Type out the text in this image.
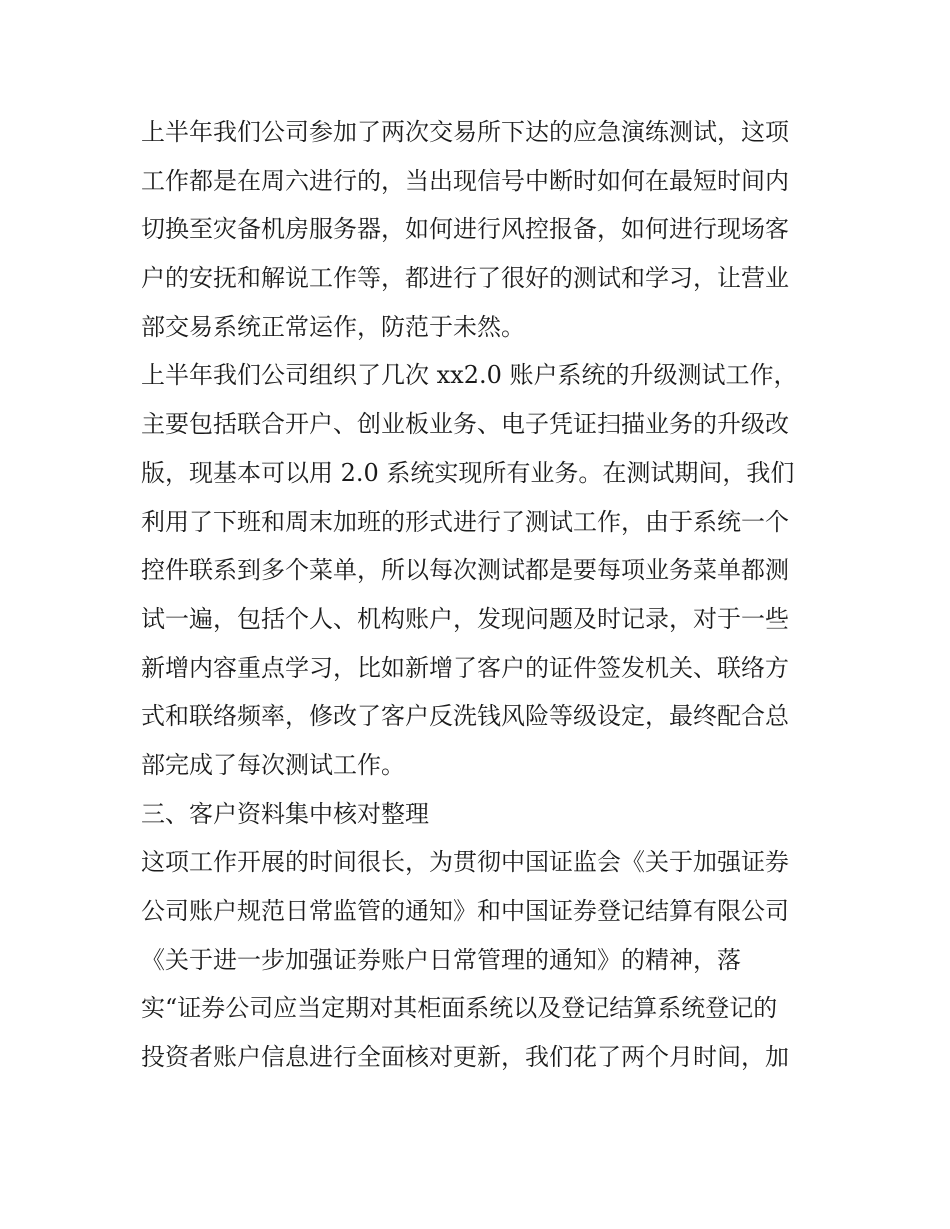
上半年我们公司参加了两次交易所下达的应急演练测试，这项
工作都是在周六进行的，当出现信号中断时如何在最短时间内
切换至灾备机房服务器，如何进行风控报备，如何进行现场客
户的安抚和解说工作等，都进行了很好的测试和学习，让营业
部交易系统正常运作，防范于未然。
上半年我们公司组织了几次 xx2.0 账户系统的升级测试工作，
主要包括联合开户、创业板业务、电子凭证扫描业务的升级改
版，现基本可以用 2.0 系统实现所有业务。在测试期间，我们
利用了下班和周末加班的形式进行了测试工作，由于系统一个
控件联系到多个菜单，所以每次测试都是要每项业务菜单都测
试一遍，包括个人、机构账户，发现问题及时记录，对于一些
新增内容重点学习，比如新增了客户的证件签发机关、联络方
式和联络频率，修改了客户反洗钱风险等级设定，最终配合总
部完成了每次测试工作。
三、客户资料集中核对整理
这项工作开展的时间很长，为贯彻中国证监会《关于加强证券
公司账户规范日常监管的通知》和中国证券登记结算有限公司
《关于进一步加强证券账户日常管理的通知》的精神，落
实“证券公司应当定期对其柜面系统以及登记结算系统登记的
投资者账户信息进行全面核对更新，我们花了两个月时间，加
